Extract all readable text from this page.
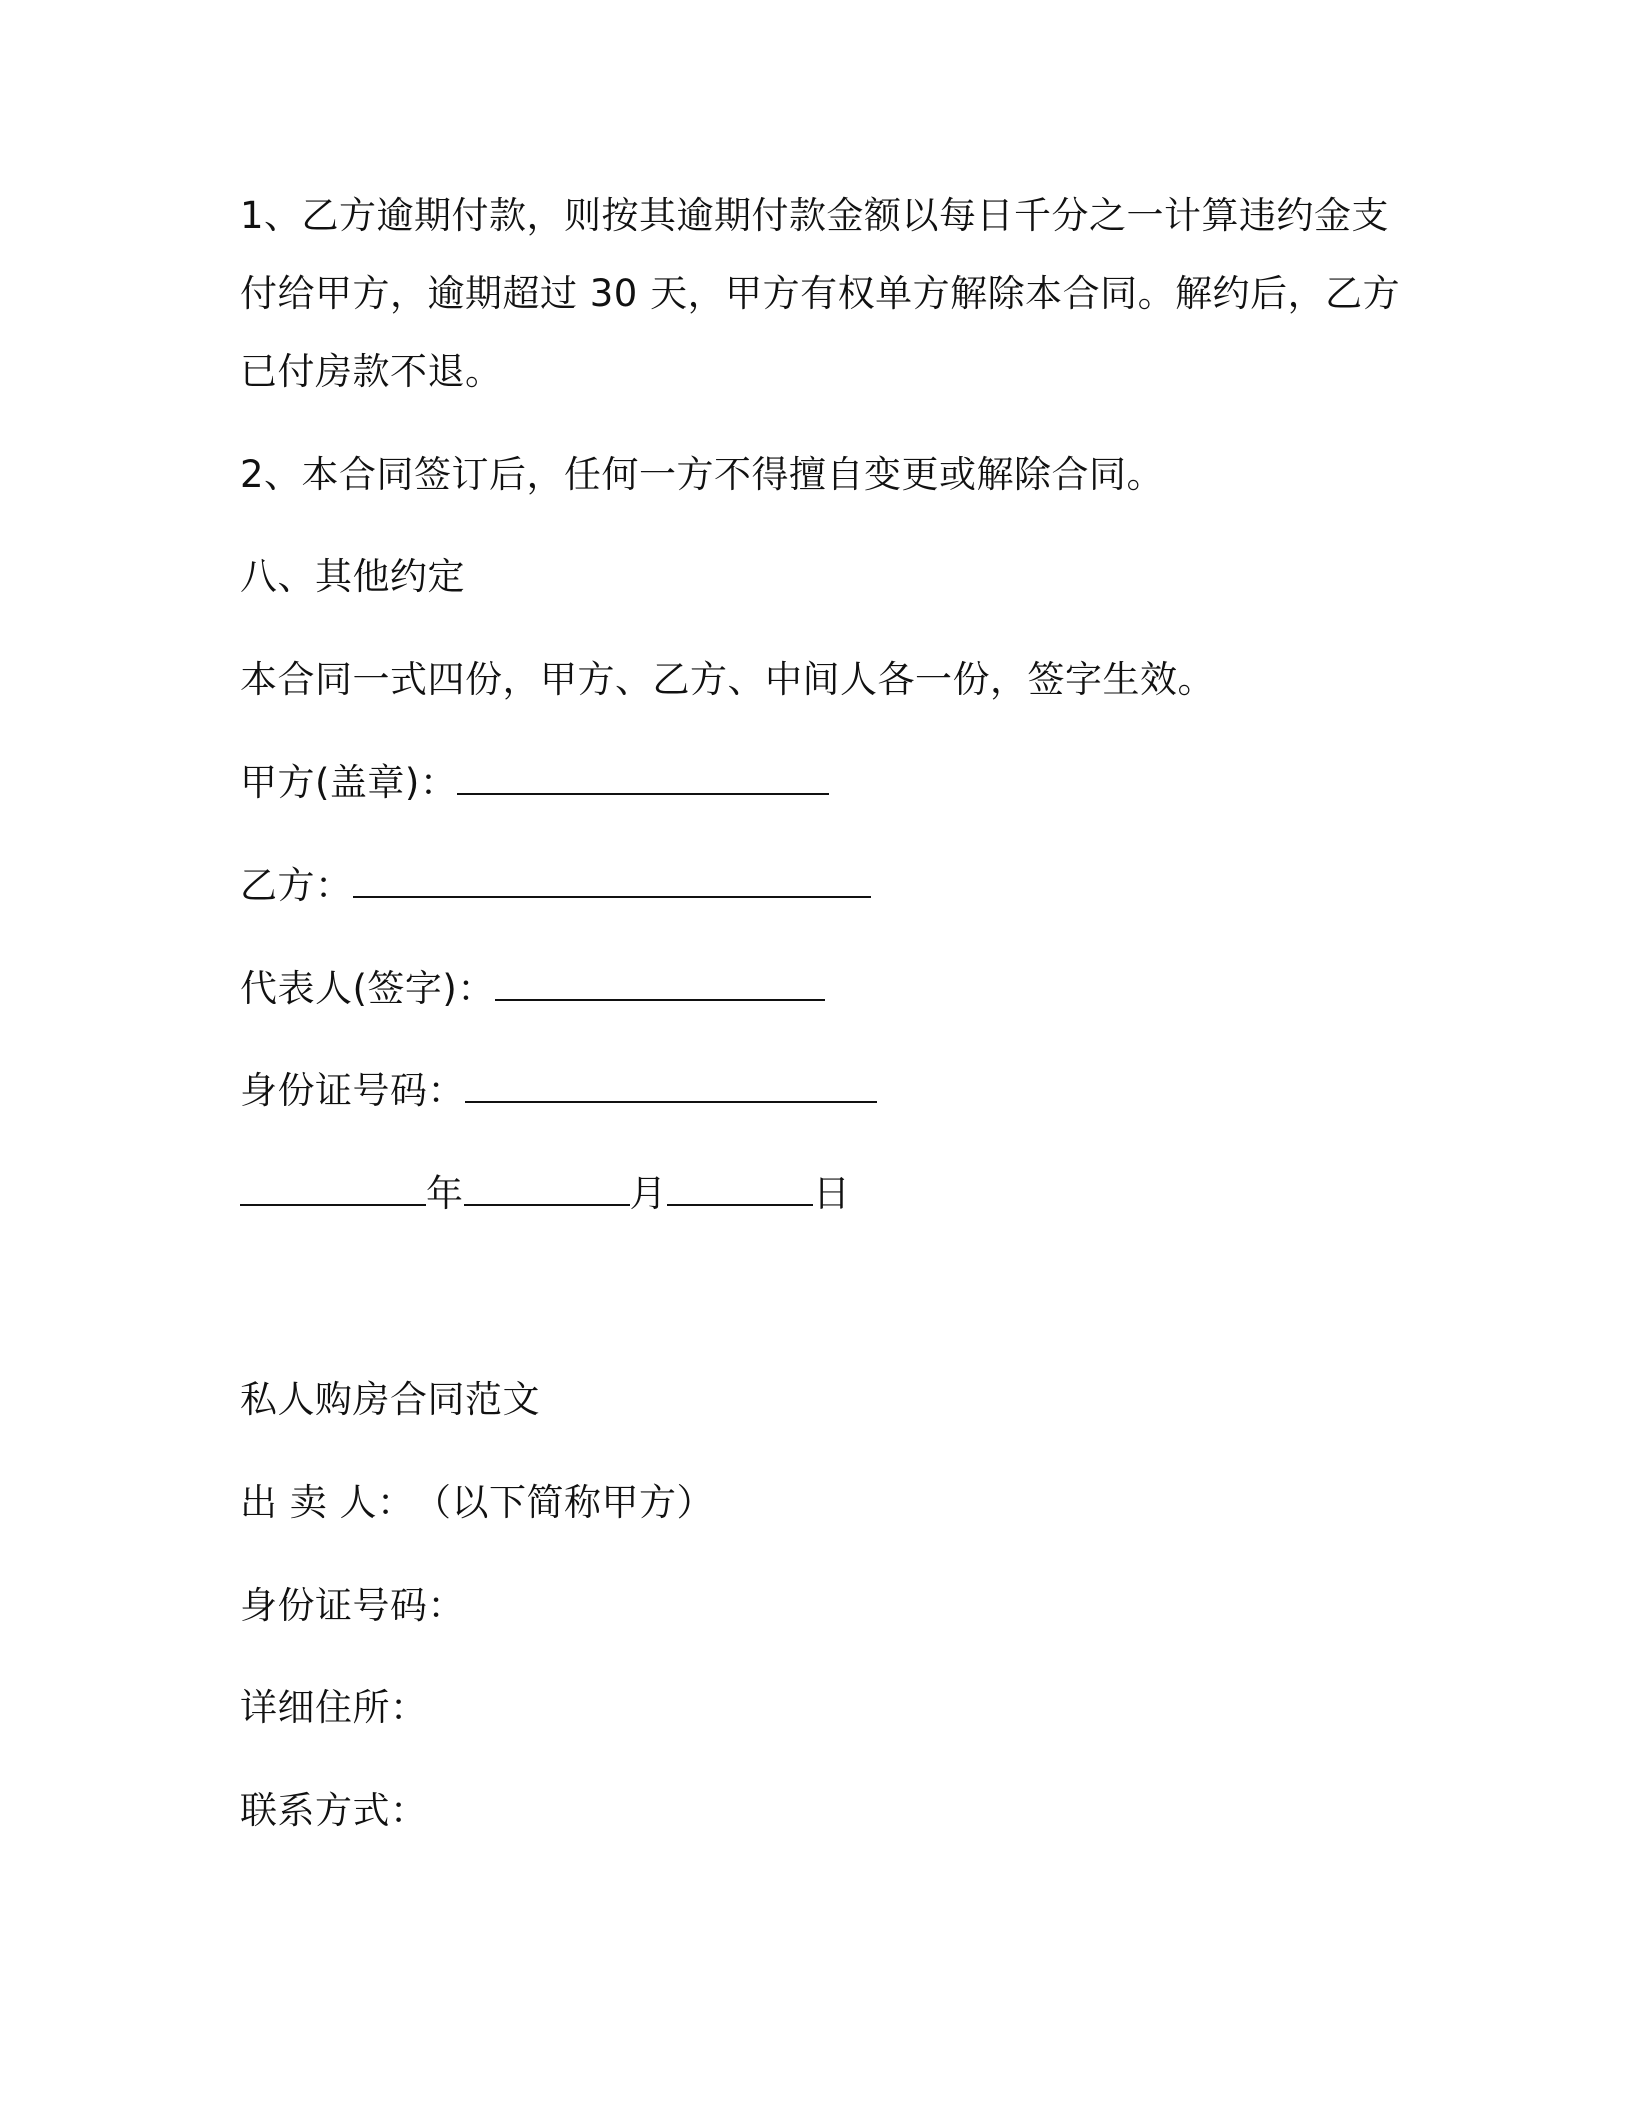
1、乙方逾期付款，则按其逾期付款金额以每日千分之一计算违约金支
付给甲方，逾期超过 30 天，甲方有权单方解除本合同。解约后，乙方
已付房款不退。
2、本合同签订后，任何一方不得擅自变更或解除合同。
八、其他约定
本合同一式四份，甲方、乙方、中间人各一份，签字生效。
甲方(盖章)：
乙方：
代表人(签字)：
身份证号码：
年	月	日
私人购房合同范文
出 卖 人： （以下简称甲方）
身份证号码：
详细住所：
联系方式：
